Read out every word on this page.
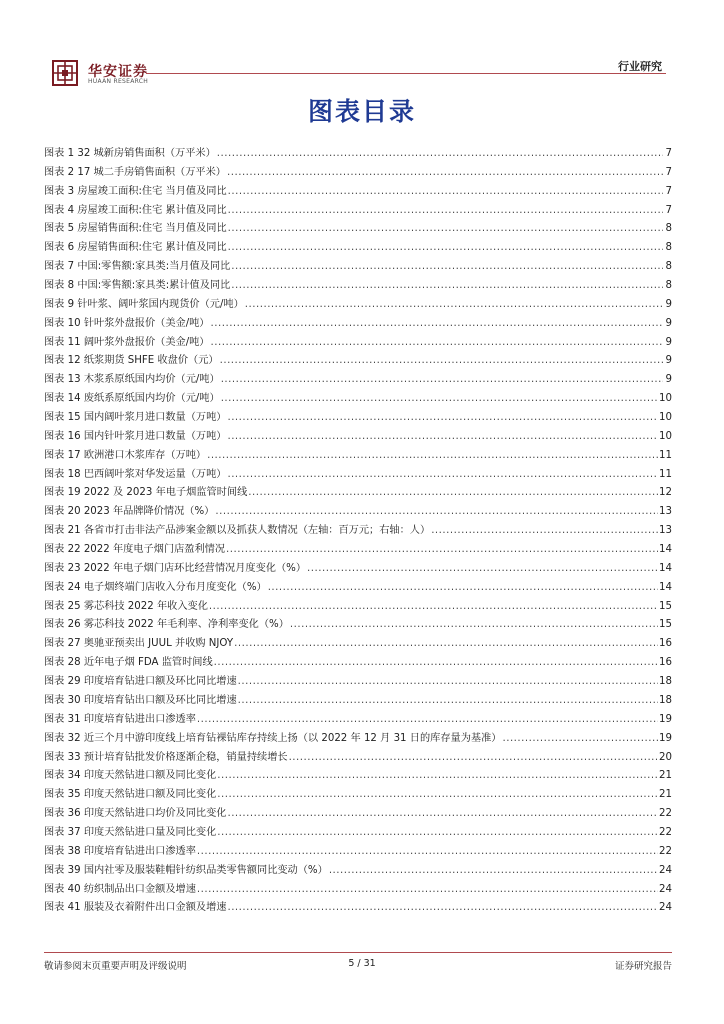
华安证券
HUAAN RESEARCH
行业研究
图表目录
图表 1 32 城新房销售面积（万平米） .....	7
图表 2 17 城二手房销售面积（万平米） .....	7
图表 3 房屋竣工面积:住宅 当月值及同比 .....	7
图表 4 房屋竣工面积:住宅 累计值及同比 .....	7
图表 5 房屋销售面积:住宅 当月值及同比 .....	8
图表 6 房屋销售面积:住宅 累计值及同比 .....	8
图表 7 中国:零售额:家具类:当月值及同比 .....	8
图表 8 中国:零售额:家具类:累计值及同比 .....	8
图表 9 针叶浆、阔叶浆国内现货价（元/吨） .....	9
图表 10 针叶浆外盘报价（美金/吨） .....	9
图表 11 阔叶浆外盘报价（美金/吨） .....	9
图表 12 纸浆期货 SHFE 收盘价（元） .....	9
图表 13 木浆系原纸国内均价（元/吨） .....	9
图表 14 废纸系原纸国内均价（元/吨） .....	10
图表 15 国内阔叶浆月进口数量（万吨） .....	10
图表 16 国内针叶浆月进口数量（万吨） .....	10
图表 17 欧洲港口木浆库存（万吨） .....	11
图表 18 巴西阔叶浆对华发运量（万吨） .....	11
图表 19 2022 及 2023 年电子烟监管时间线 .....	12
图表 20 2023 年品牌降价情况（%） .....	13
图表 21 各省市打击非法产品涉案金额以及抓获人数情况（左轴：百万元；右轴：人） .....	13
图表 22 2022 年度电子烟门店盈利情况 .....	14
图表 23 2022 年电子烟门店环比经营情况月度变化（%） .....	14
图表 24 电子烟终端门店收入分布月度变化（%） .....	14
图表 25 雾芯科技 2022 年收入变化 .....	15
图表 26 雾芯科技 2022 年毛利率、净利率变化（%） .....	15
图表 27 奥驰亚预卖出 JUUL 并收购 NJOY .....	16
图表 28 近年电子烟 FDA 监管时间线 .....	16
图表 29 印度培育钻进口额及环比同比增速 .....	18
图表 30 印度培育钻出口额及环比同比增速 .....	18
图表 31 印度培育钻进出口渗透率 .....	19
图表 32 近三个月中游印度线上培育钻裸钻库存持续上扬（以 2022 年 12 月 31 日的库存量为基准） .....	19
图表 33 预计培育钻批发价格逐渐企稳，销量持续增长 .....	20
图表 34 印度天然钻进口额及同比变化 .....	21
图表 35 印度天然钻进口额及同比变化 .....	21
图表 36 印度天然钻进口均价及同比变化 .....	22
图表 37 印度天然钻进口量及同比变化 .....	22
图表 38 印度培育钻进出口渗透率 .....	22
图表 39 国内社零及服装鞋帽针纺织品类零售额同比变动（%） .....	24
图表 40 纺织制品出口金额及增速 .....	24
图表 41 服装及衣着附件出口金额及增速 .....	24
敬请参阅末页重要声明及评级说明	5 / 31	证券研究报告
